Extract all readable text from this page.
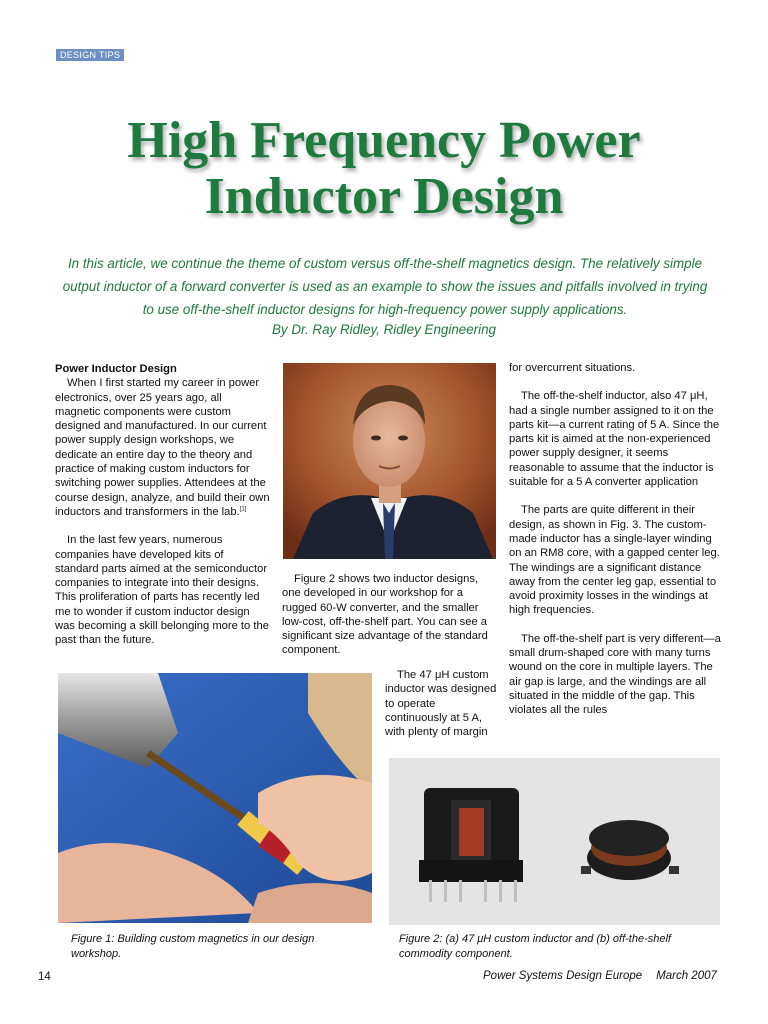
DESIGN TIPS
High Frequency Power
Inductor Design
In this article, we continue the theme of custom versus off-the-shelf magnetics design. The relatively simple output inductor of a forward converter is used as an example to show the issues and pitfalls involved in trying to use off-the-shelf inductor designs for high-frequency power supply applications.
By Dr. Ray Ridley, Ridley Engineering

Power Inductor Design

When I first started my career in power electronics, over 25 years ago, all magnetic components were custom designed and manufactured. In our current power supply design workshops, we dedicate an entire day to the theory and practice of making custom inductors for switching power supplies. Attendees at the course design, analyze, and build their own inductors and transformers in the lab.[1]

In the last few years, numerous companies have developed kits of standard parts aimed at the semiconductor companies to integrate into their designs. This proliferation of parts has recently led me to wonder if custom inductor design was becoming a skill belonging more to the past than the future.

Figure 2 shows two inductor designs, one developed in our workshop for a rugged 60-W converter, and the smaller low-cost, off-the-shelf part. You can see a significant size advantage of the standard component.

The 47 μH custom inductor was designed to operate continuously at 5 A, with plenty of margin

for overcurrent situations.

The off-the-shelf inductor, also 47 μH, had a single number assigned to it on the parts kit—a current rating of 5 A. Since the parts kit is aimed at the non-experienced power supply designer, it seems reasonable to assume that the inductor is suitable for a 5 A converter application

The parts are quite different in their design, as shown in Fig. 3. The custom-made inductor has a single-layer winding on an RM8 core, with a gapped center leg. The windings are a significant distance away from the center leg gap, essential to avoid proximity losses in the windings at high frequencies.

The off-the-shelf part is very different—a small drum-shaped core with many turns wound on the core in multiple layers. The air gap is large, and the windings are all situated in the middle of the gap. This violates all the rules

Figure 1: Building custom magnetics in our design workshop.
Figure 2: (a) 47 μH custom inductor and (b) off-the-shelf commodity component.
14	Power Systems Design Europe March 2007
